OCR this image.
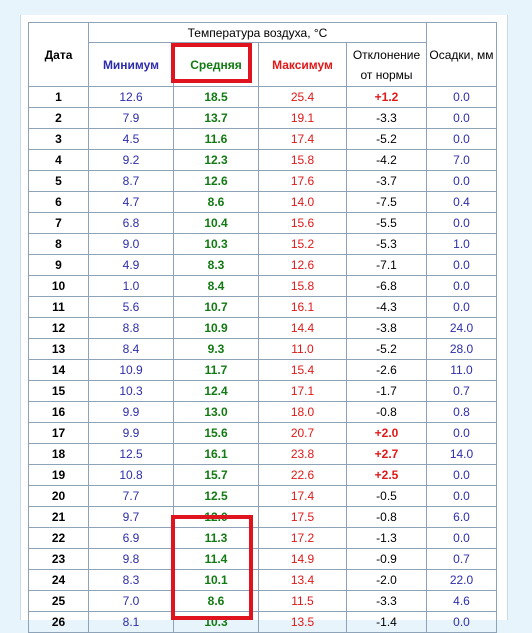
Дата	Температура воздуха, °C				Осадки, мм
	Минимум	Средняя	Максимум	Отклонение от нормы	
1	12.6	18.5	25.4	+1.2	0.0
2	7.9	13.7	19.1	-3.3	0.0
3	4.5	11.6	17.4	-5.2	0.0
4	9.2	12.3	15.8	-4.2	7.0
5	8.7	12.6	17.6	-3.7	0.0
6	4.7	8.6	14.0	-7.5	0.4
7	6.8	10.4	15.6	-5.5	0.0
8	9.0	10.3	15.2	-5.3	1.0
9	4.9	8.3	12.6	-7.1	0.0
10	1.0	8.4	15.8	-6.8	0.0
11	5.6	10.7	16.1	-4.3	0.0
12	8.8	10.9	14.4	-3.8	24.0
13	8.4	9.3	11.0	-5.2	28.0
14	10.9	11.7	15.4	-2.6	11.0
15	10.3	12.4	17.1	-1.7	0.7
16	9.9	13.0	18.0	-0.8	0.8
17	9.9	15.6	20.7	+2.0	0.0
18	12.5	16.1	23.8	+2.7	14.0
19	10.8	15.7	22.6	+2.5	0.0
20	7.7	12.5	17.4	-0.5	0.0
21	9.7	12.0	17.5	-0.8	6.0
22	6.9	11.3	17.2	-1.3	0.0
23	9.8	11.4	14.9	-0.9	0.7
24	8.3	10.1	13.4	-2.0	22.0
25	7.0	8.6	11.5	-3.3	4.6
26	8.1	10.3	13.5	-1.4	0.0
